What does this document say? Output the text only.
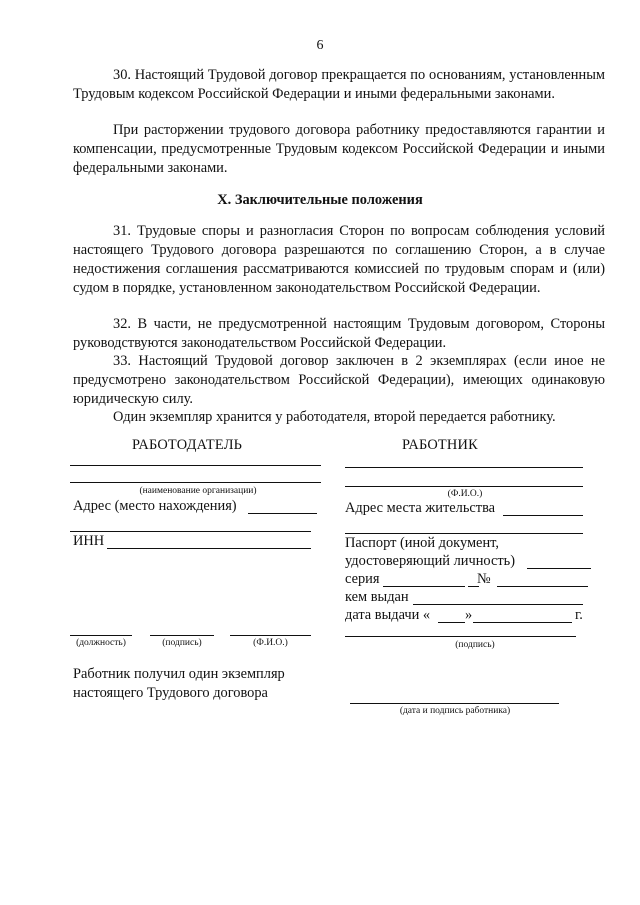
6

30. Настоящий Трудовой договор прекращается по основаниям, установленным Трудовым кодексом Российской Федерации и иными федеральными законами.

При расторжении трудового договора работнику предоставляются гарантии и компенсации, предусмотренные Трудовым кодексом Российской Федерации и иными федеральными законами.

X. Заключительные положения

31. Трудовые споры и разногласия Сторон по вопросам соблюдения условий настоящего Трудового договора разрешаются по соглашению Сторон, а в случае недостижения соглашения рассматриваются комиссией по трудовым спорам и (или) судом в порядке, установленном законодательством Российской Федерации.

32. В части, не предусмотренной настоящим Трудовым договором, Стороны руководствуются законодательством Российской Федерации.

33. Настоящий Трудовой договор заключен в 2 экземплярах (если иное не предусмотрено законодательством Российской Федерации), имеющих одинаковую юридическую силу.

Один экземпляр хранится у работодателя, второй передается работнику.

РАБОТОДАТЕЛЬ
(наименование организации)
Адрес (место нахождения)
ИНН
(должность)	(подпись)	(Ф.И.О.)
РАБОТНИК
(Ф.И.О.)
Адрес места жительства
Паспорт (иной документ,
удостоверяющий личность)
серия	№
кем выдан
дата выдачи « »	г.
(подпись)
Работник получил один экземпляр
настоящего Трудового договора
(дата и подпись работника)
